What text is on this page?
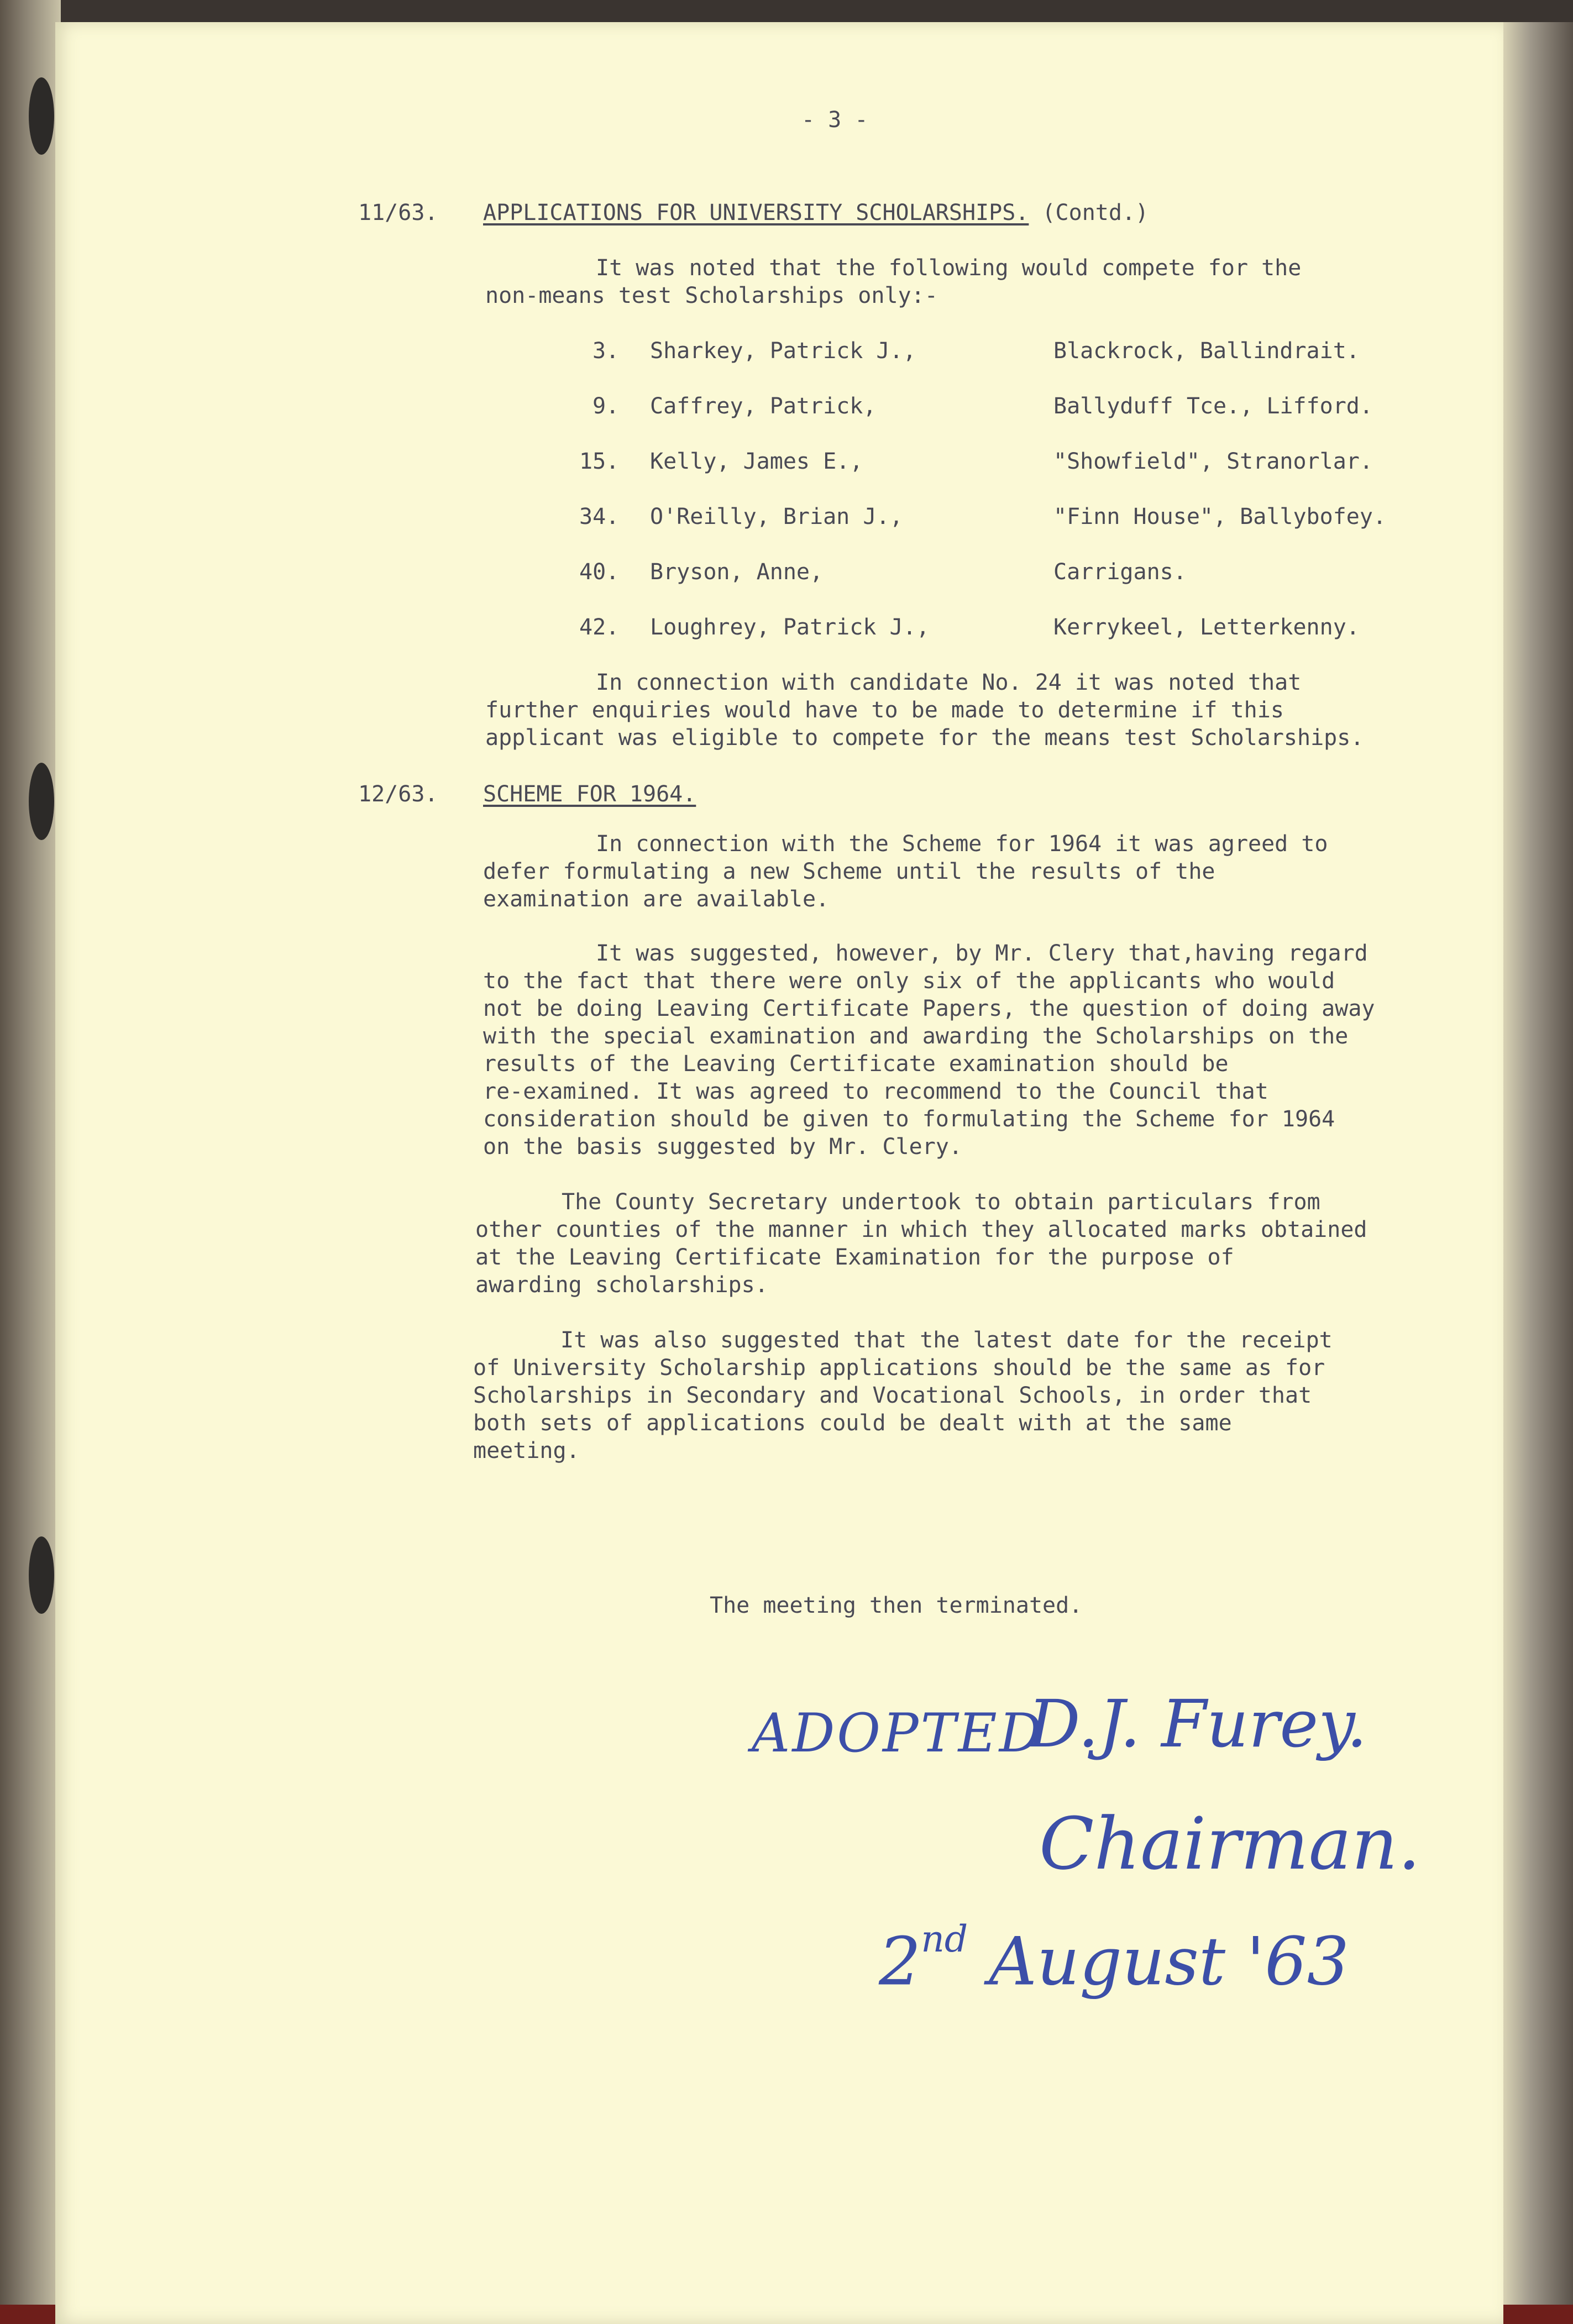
- 3 -
11/63. APPLICATIONS FOR UNIVERSITY SCHOLARSHIPS. (Contd.)
It was noted that the following would compete for the
non-means test Scholarships only:-
3. Sharkey, Patrick J.,	Blackrock, Ballindrait.
9. Caffrey, Patrick,	Ballyduff Tce., Lifford.
15. Kelly, James E.,	"Showfield", Stranorlar.
34. O'Reilly, Brian J.,	"Finn House", Ballybofey.
40. Bryson, Anne,	Carrigans.
42. Loughrey, Patrick J.,	Kerrykeel, Letterkenny.
In connection with candidate No. 24 it was noted that
further enquiries would have to be made to determine if this
applicant was eligible to compete for the means test Scholarships.
12/63. SCHEME FOR 1964.
In connection with the Scheme for 1964 it was agreed to
defer formulating a new Scheme until the results of the
examination are available.
It was suggested, however, by Mr. Clery that,having regard
to the fact that there were only six of the applicants who would
not be doing Leaving Certificate Papers, the question of doing away
with the special examination and awarding the Scholarships on the
results of the Leaving Certificate examination should be
re-examined. It was agreed to recommend to the Council that
consideration should be given to formulating the Scheme for 1964
on the basis suggested by Mr. Clery.
The County Secretary undertook to obtain particulars from
other counties of the manner in which they allocated marks obtained
at the Leaving Certificate Examination for the purpose of
awarding scholarships.
It was also suggested that the latest date for the receipt
of University Scholarship applications should be the same as for
Scholarships in Secondary and Vocational Schools, in order that
both sets of applications could be dealt with at the same
meeting.
The meeting then terminated.
ADOPTED
D.J. Furey.
Chairman.
2nd August '63
